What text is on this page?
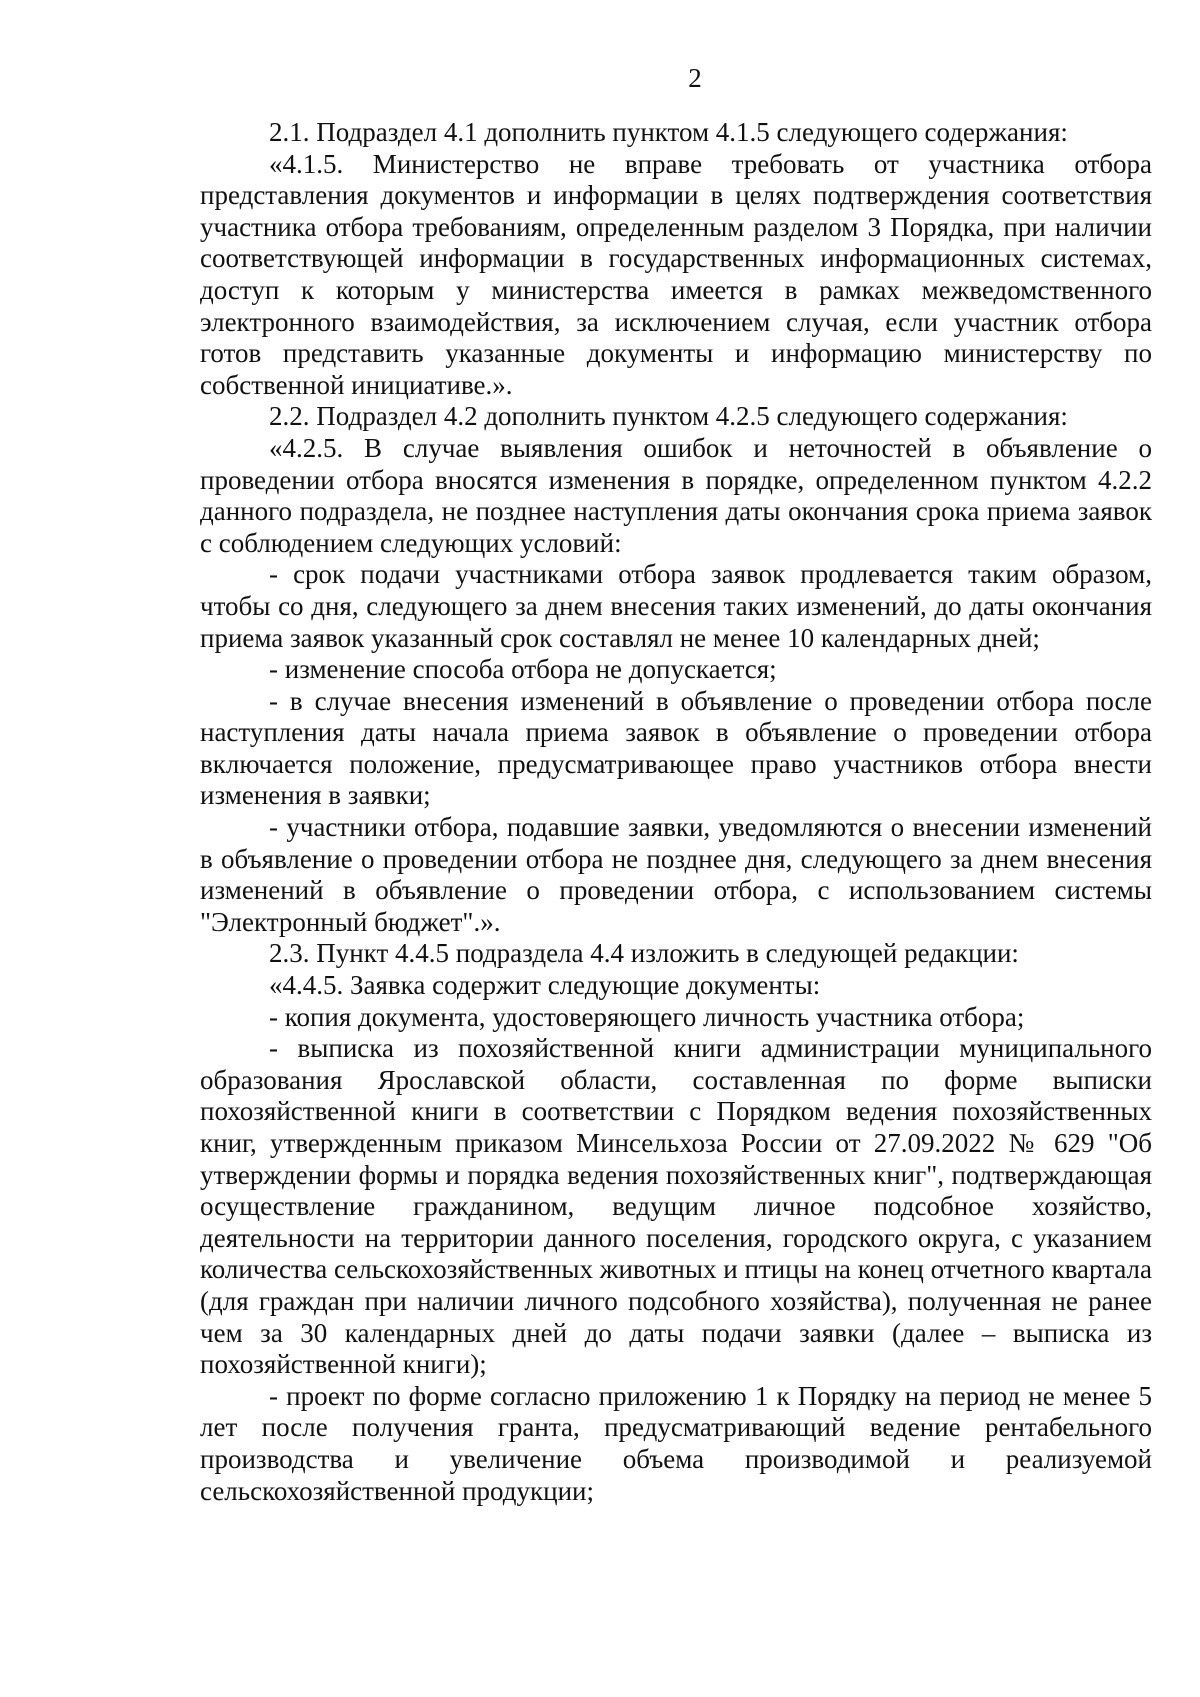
2

2.1. Подраздел 4.1 дополнить пунктом 4.1.5 следующего содержания:

«4.1.5. Министерство не вправе требовать от участника отбора представления документов и информации в целях подтверждения соответствия участника отбора требованиям, определенным разделом 3 Порядка, при наличии соответствующей информации в государственных информационных системах, доступ к которым у министерства имеется в рамках межведомственного электронного взаимодействия, за исключением случая, если участник отбора готов представить указанные документы и информацию министерству по собственной инициативе.».

2.2. Подраздел 4.2 дополнить пунктом 4.2.5 следующего содержания:

«4.2.5. В случае выявления ошибок и неточностей в объявление о проведении отбора вносятся изменения в порядке, определенном пунктом 4.2.2 данного подраздела, не позднее наступления даты окончания срока приема заявок с соблюдением следующих условий:

- срок подачи участниками отбора заявок продлевается таким образом, чтобы со дня, следующего за днем внесения таких изменений, до даты окончания приема заявок указанный срок составлял не менее 10 календарных дней;

- изменение способа отбора не допускается;

- в случае внесения изменений в объявление о проведении отбора после наступления даты начала приема заявок в объявление о проведении отбора включается положение, предусматривающее право участников отбора внести изменения в заявки;

- участники отбора, подавшие заявки, уведомляются о внесении изменений в объявление о проведении отбора не позднее дня, следующего за днем внесения изменений в объявление о проведении отбора, с использованием системы "Электронный бюджет".».

2.3. Пункт 4.4.5 подраздела 4.4 изложить в следующей редакции:

«4.4.5. Заявка содержит следующие документы:

- копия документа, удостоверяющего личность участника отбора;

- выписка из похозяйственной книги администрации муниципального образования Ярославской области, составленная по форме выписки похозяйственной книги в соответствии с Порядком ведения похозяйственных книг, утвержденным приказом Минсельхоза России от 27.09.2022 № 629 "Об утверждении формы и порядка ведения похозяйственных книг", подтверждающая осуществление гражданином, ведущим личное подсобное хозяйство, деятельности на территории данного поселения, городского округа, с указанием количества сельскохозяйственных животных и птицы на конец отчетного квартала (для граждан при наличии личного подсобного хозяйства), полученная не ранее чем за 30 календарных дней до даты подачи заявки (далее – выписка из похозяйственной книги);

- проект по форме согласно приложению 1 к Порядку на период не менее 5 лет после получения гранта, предусматривающий ведение рентабельного производства и увеличение объема производимой и реализуемой сельскохозяйственной продукции;
